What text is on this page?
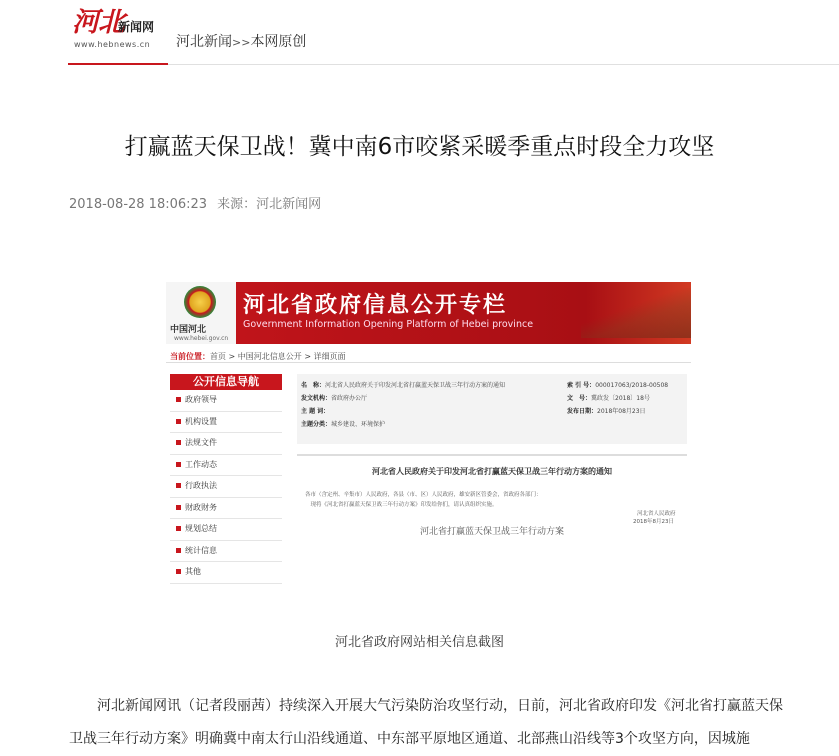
河北
新闻网
www.hebnews.cn 河北新闻>>本网原创
打赢蓝天保卫战！冀中南6市咬紧采暖季重点时段全力攻坚
2018-08-28 18:06:23 来源：河北新闻网
中国河北
www.hebei.gov.cn
河北省政府信息公开专栏
Government Information Opening Platform of Hebei province
当前位置：首页 > 中国河北信息公开 > 详细页面
公开信息导航
政府领导
机构设置
法规文件
工作动态
行政执法
财政财务
规划总结
统计信息
其他
名　称：河北省人民政府关于印发河北省打赢蓝天保卫战三年行动方案的通知
发文机构：省政府办公厅
主 题 词：
主题分类：城乡建设、环境保护
索 引 号：000017063/2018-00508
文　号：冀政发〔2018〕18号
发布日期：2018年08月23日
河北省人民政府关于印发河北省打赢蓝天保卫战三年行动方案的通知
各市（含定州、辛集市）人民政府，各县（市、区）人民政府，雄安新区管委会，省政府各部门：
　现将《河北省打赢蓝天保卫战三年行动方案》印发给你们，请认真组织实施。
河北省人民政府
2018年8月23日
河北省打赢蓝天保卫战三年行动方案
河北省政府网站相关信息截图

河北新闻网讯（记者段丽茜）持续深入开展大气污染防治攻坚行动，日前，河北省政府印发《河北省打赢蓝天保卫战三年行动方案》明确冀中南太行山沿线通道、中东部平原地区通道、北部燕山沿线等3个攻坚方向，因城施
